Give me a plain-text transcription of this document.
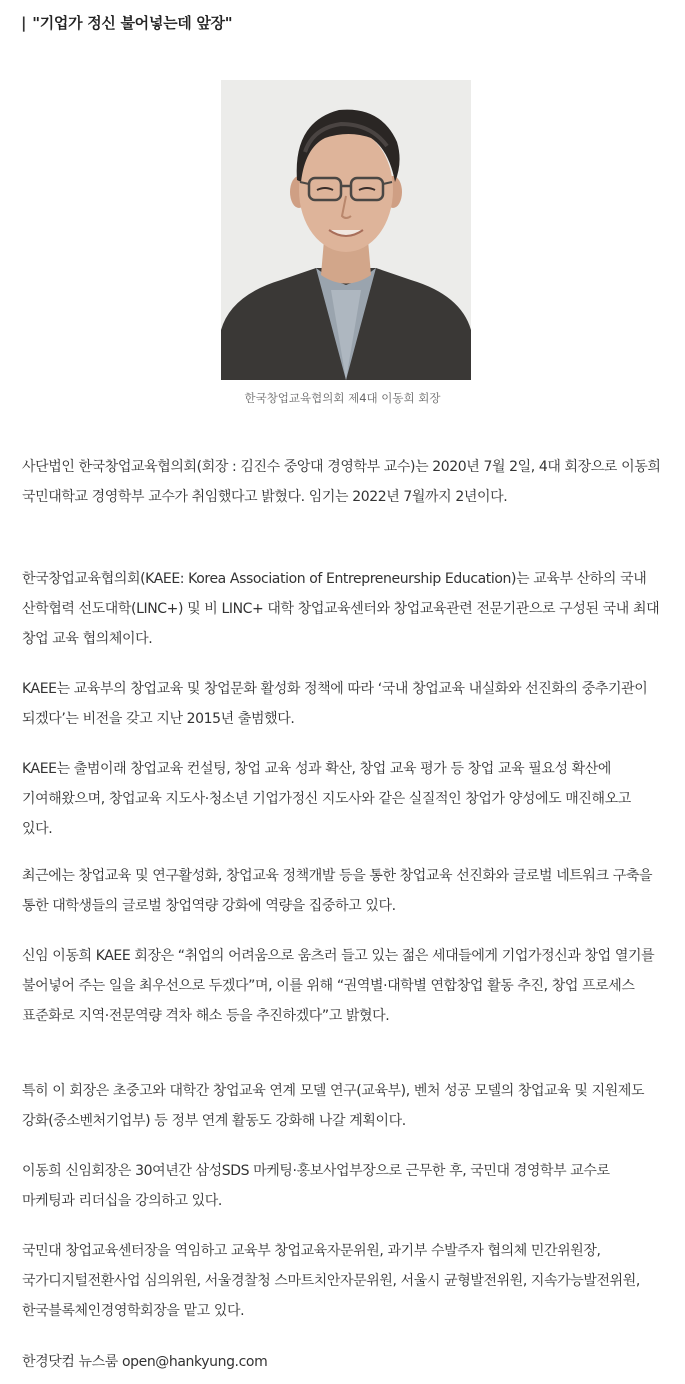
| "기업가 정신 불어넣는데 앞장"
한국창업교육협의회 제4대 이동희 회장

사단법인 한국창업교육협의회(회장 : 김진수 중앙대 경영학부 교수)는 2020년 7월 2일, 4대 회장으로 이동희 국민대학교 경영학부 교수가 취임했다고 밝혔다. 임기는 2022년 7월까지 2년이다.

한국창업교육협의회(KAEE: Korea Association of Entrepreneurship Education)는 교육부 산하의 국내 산학협력 선도대학(LINC+) 및 비 LINC+ 대학 창업교육센터와 창업교육관련 전문기관으로 구성된 국내 최대 창업 교육 협의체이다.

KAEE는 교육부의 창업교육 및 창업문화 활성화 정책에 따라 ‘국내 창업교육 내실화와 선진화의 중추기관이 되겠다’는 비전을 갖고 지난 2015년 출범했다.

KAEE는 출범이래 창업교육 컨설팅, 창업 교육 성과 확산, 창업 교육 평가 등 창업 교육 필요성 확산에 기여해왔으며, 창업교육 지도사·청소년 기업가정신 지도사와 같은 실질적인 창업가 양성에도 매진해오고 있다.

최근에는 창업교육 및 연구활성화, 창업교육 정책개발 등을 통한 창업교육 선진화와 글로벌 네트워크 구축을 통한 대학생들의 글로벌 창업역량 강화에 역량을 집중하고 있다.

신임 이동희 KAEE 회장은 “취업의 어려움으로 움츠러 들고 있는 젊은 세대들에게 기업가정신과 창업 열기를 불어넣어 주는 일을 최우선으로 두겠다”며, 이를 위해 “권역별·대학별 연합창업 활동 추진, 창업 프로세스 표준화로 지역·전문역량 격차 해소 등을 추진하겠다”고 밝혔다.

특히 이 회장은 초중고와 대학간 창업교육 연계 모델 연구(교육부), 벤처 성공 모델의 창업교육 및 지원제도 강화(중소벤처기업부) 등 정부 연계 활동도 강화해 나갈 계획이다.

이동희 신임회장은 30여년간 삼성SDS 마케팅·홍보사업부장으로 근무한 후, 국민대 경영학부 교수로 마케팅과 리더십을 강의하고 있다.

국민대 창업교육센터장을 역임하고 교육부 창업교육자문위원, 과기부 수발주자 협의체 민간위원장, 국가디지털전환사업 심의위원, 서울경찰청 스마트치안자문위원, 서울시 균형발전위원, 지속가능발전위원, 한국블록체인경영학회장을 맡고 있다.

한경닷컴 뉴스룸 open@hankyung.com
